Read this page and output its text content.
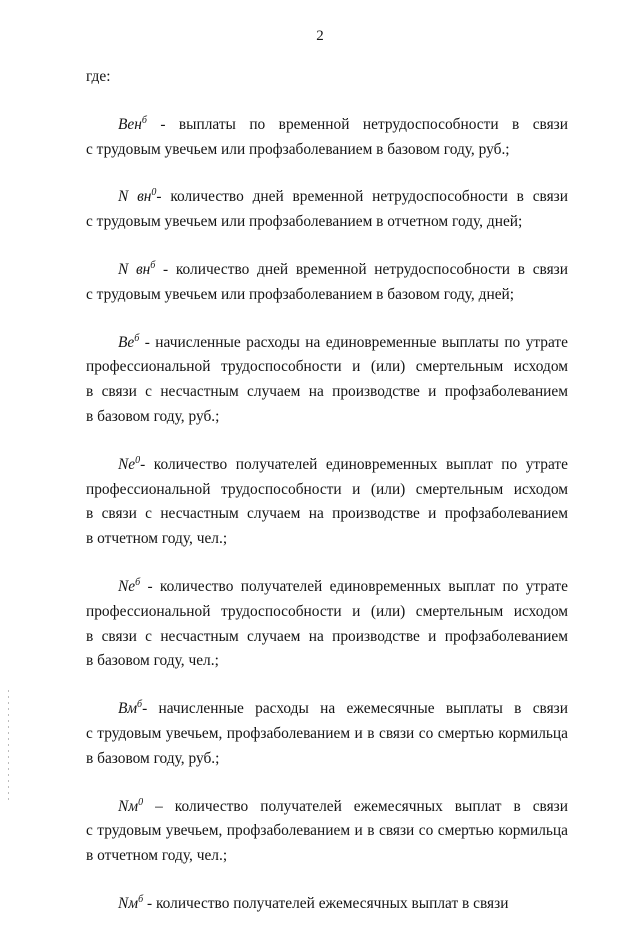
2

где:

Вен$^б$ - выплаты по временной нетрудоспособности в связи
с трудовым увечьем или профзаболеванием в базовом году, руб.;

N $вн^0-$ количество дней временной нетрудоспособности в связи
с трудовым увечьем или профзаболеванием в отчетном году, дней;

N $вн^б$ - количество дней временной нетрудоспособности в связи
с трудовым увечьем или профзаболеванием в базовом году, дней;

$Ве^б$ - начисленные расходы на единовременные выплаты по утрате
профессиональной трудоспособности и (или) смертельным исходом
в связи с несчастным случаем на производстве и профзаболеванием
в базовом году, руб.;

$Nе^0-$ количество получателей единовременных выплат по утрате
профессиональной трудоспособности и (или) смертельным исходом
в связи с несчастным случаем на производстве и профзаболеванием
в отчетном году, чел.;

$Nе^б$ - количество получателей единовременных выплат по утрате
профессиональной трудоспособности и (или) смертельным исходом
в связи с несчастным случаем на производстве и профзаболеванием
в базовом году, чел.;

$Вм^б-$ начисленные расходы на ежемесячные выплаты в связи
с трудовым увечьем, профзаболеванием и в связи со смертью кормильца
в базовом году, руб.;

$Nм^0$ – количество получателей ежемесячных выплат в связи
с трудовым увечьем, профзаболеванием и в связи со смертью кормильца
в отчетном году, чел.;

$Nм^б$ - количество получателей ежемесячных выплат в связи
